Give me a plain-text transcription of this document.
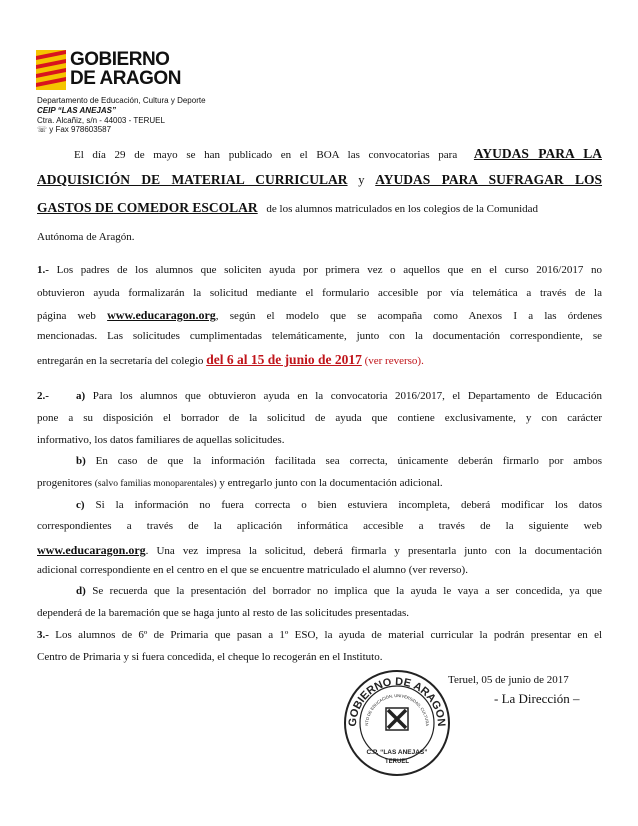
GOBIERNO
DE ARAGON
Departamento de Educación, Cultura y Deporte
CEIP “LAS ANEJAS”
Ctra. Alcañiz, s/n - 44003 - TERUEL
☏ y Fax 978603587
El día 29 de mayo se han publicado en el BOA las convocatorias para AYUDAS PARA LA
ADQUISICIÓN DE MATERIAL CURRICULAR y AYUDAS PARA SUFRAGAR LOS
GASTOS DE COMEDOR ESCOLAR de los alumnos matriculados en los colegios de la Comunidad
Autónoma de Aragón.
1.- Los padres de los alumnos que soliciten ayuda por primera vez o aquellos que en el curso 2016/2017 no
obtuvieron ayuda formalizarán la solicitud mediante el formulario accesible por vía telemática a través de la
página web www.educaragon.org, según el modelo que se acompaña como Anexos I a las órdenes
mencionadas. Las solicitudes cumplimentadas telemáticamente, junto con la documentación correspondiente, se
entregarán en la secretaría del colegio del 6 al 15 de junio de 2017 (ver reverso).
2.- a) Para los alumnos que obtuvieron ayuda en la convocatoria 2016/2017, el Departamento de Educación
pone a su disposición el borrador de la solicitud de ayuda que contiene exclusivamente, y con carácter
informativo, los datos familiares de aquellas solicitudes.
b) En caso de que la información facilitada sea correcta, únicamente deberán firmarlo por ambos
progenitores (salvo familias monoparentales) y entregarlo junto con la documentación adicional.
c) Si la información no fuera correcta o bien estuviera incompleta, deberá modificar los datos
correspondientes a través de la aplicación informática accesible a través de la siguiente web
www.educaragon.org. Una vez impresa la solicitud, deberá firmarla y presentarla junto con la documentación
adicional correspondiente en el centro en el que se encuentre matriculado el alumno (ver reverso).
d) Se recuerda que la presentación del borrador no implica que la ayuda le vaya a ser concedida, ya que
dependerá de la baremación que se haga junto al resto de las solicitudes presentadas.
3.- Los alumnos de 6º de Primaria que pasan a 1º ESO, la ayuda de material curricular la podrán presentar en el
Centro de Primaria y si fuera concedida, el cheque lo recogerán en el Instituto.
Teruel, 05 de junio de 2017
- La Dirección –
GOBIERNO DE ARAGON
NTO DE EDUCACIÓN, UNIVERSIDAD, CULTURA
C.P. “LAS ANEJAS”
TERUEL
